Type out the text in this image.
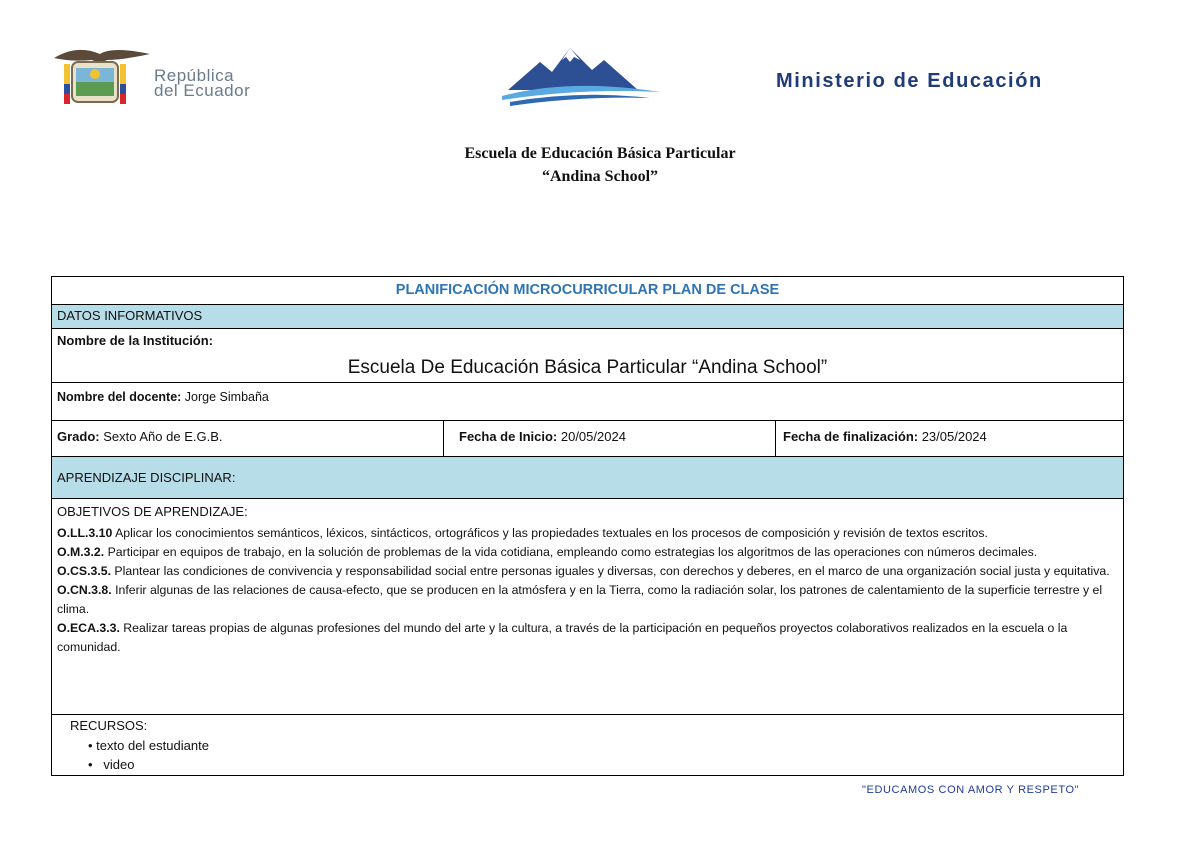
República
del Ecuador	Ministerio de Educación
Escuela de Educación Básica Particular
“Andina School”
PLANIFICACIÓN MICROCURRICULAR PLAN DE CLASE
DATOS INFORMATIVOS
Nombre de la Institución:
Escuela De Educación Básica Particular “Andina School”
Nombre del docente: Jorge Simbaña
Grado: Sexto Año de E.G.B.	Fecha de Inicio: 20/05/2024	Fecha de finalización: 23/05/2024
APRENDIZAJE DISCIPLINAR:
OBJETIVOS DE APRENDIZAJE:
O.LL.3.10 Aplicar los conocimientos semánticos, léxicos, sintácticos, ortográficos y las propiedades textuales en los procesos de composición y revisión de textos escritos.
O.M.3.2. Participar en equipos de trabajo, en la solución de problemas de la vida cotidiana, empleando como estrategias los algoritmos de las operaciones con números decimales.
O.CS.3.5. Plantear las condiciones de convivencia y responsabilidad social entre personas iguales y diversas, con derechos y deberes, en el marco de una organización social justa y equitativa.
O.CN.3.8. Inferir algunas de las relaciones de causa-efecto, que se producen en la atmósfera y en la Tierra, como la radiación solar, los patrones de calentamiento de la superficie terrestre y el clima.
O.ECA.3.3. Realizar tareas propias de algunas profesiones del mundo del arte y la cultura, a través de la participación en pequeños proyectos colaborativos realizados en la escuela o la comunidad.
RECURSOS:
• texto del estudiante
•   video
"EDUCAMOS CON AMOR Y RESPETO"
